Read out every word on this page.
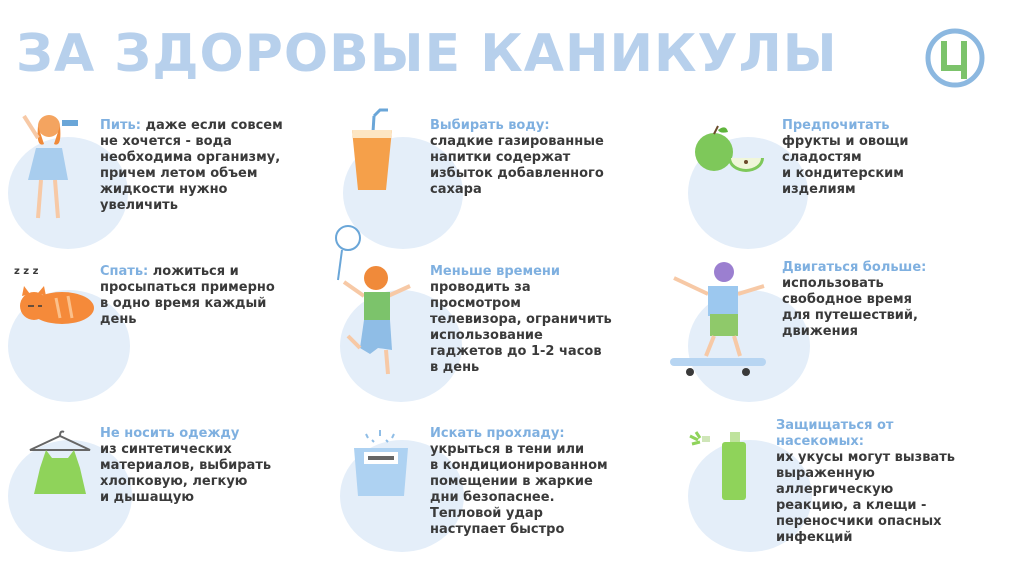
ЗА ЗДОРОВЫЕ КАНИКУЛЫ
z z z
Пить: даже если совсем
не хочется - вода
необходима организму,
причем летом объем
жидкости нужно
увеличить
Выбирать воду:
сладкие газированные
напитки содержат
избыток добавленного
сахара
Предпочитать
фрукты и овощи
сладостям
и кондитерским
изделиям
Спать: ложиться и
просыпаться примерно
в одно время каждый
день
Меньше времени
проводить за
просмотром
телевизора, ограничить
использование
гаджетов до 1-2 часов
в день
Двигаться больше:
использовать
свободное время
для путешествий,
движения
Не носить одежду
из синтетических
материалов, выбирать
хлопковую, легкую
и дышащую
Искать прохладу:
укрыться в тени или
в кондиционированном
помещении в жаркие
дни безопаснее.
Тепловой удар
наступает быстро
Защищаться от насекомых:
их укусы могут вызвать
выраженную
аллергическую
реакцию, а клещи -
переносчики опасных
инфекций
